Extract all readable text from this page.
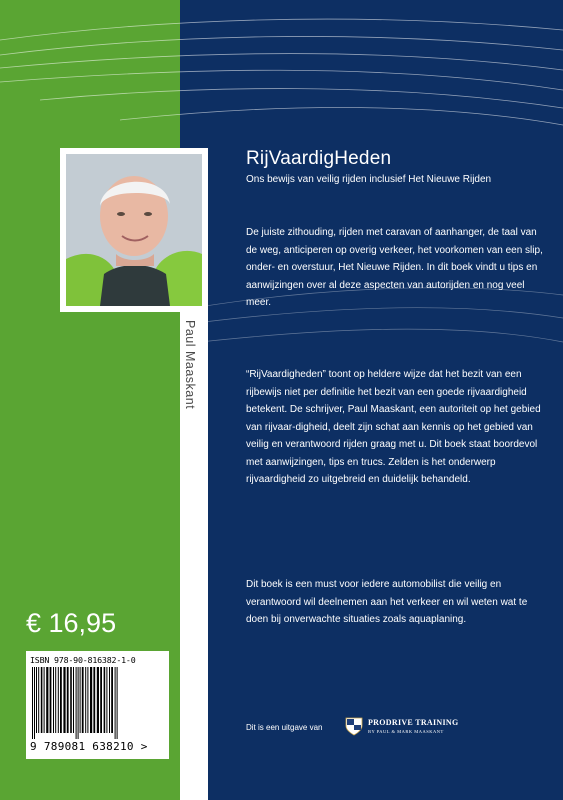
Paul Maaskant
RijVaardigHeden
Ons bewijs van veilig rijden inclusief Het Nieuwe Rijden

De juiste zithouding, rijden met caravan of aanhanger, de taal van de weg, anticiperen op overig verkeer, het voorkomen van een slip, onder- en overstuur, Het Nieuwe Rijden. In dit boek vindt u tips en aanwijzingen over al deze aspecten van autorijden en nog veel meer.

“RijVaardigheden” toont op heldere wijze dat het bezit van een rijbewijs niet per definitie het bezit van een goede rijvaardigheid betekent. De schrijver, Paul Maaskant, een autoriteit op het gebied van rijvaar-digheid, deelt zijn schat aan kennis op het gebied van veilig en verantwoord rijden graag met u. Dit boek staat boordevol met aanwijzingen, tips en trucs. Zelden is het onderwerp rijvaardigheid zo uitgebreid en duidelijk behandeld.

Dit boek is een must voor iedere automobilist die veilig en verantwoord wil deelnemen aan het verkeer en wil weten wat te doen bij onverwachte situaties zoals aquaplaning.

€ 16,95
ISBN 978-90-816382-1-0
9 789081 638210 >
Dit is een uitgave van
PRODRIVE TRAINING
BY PAUL & MARK MAASKANT
